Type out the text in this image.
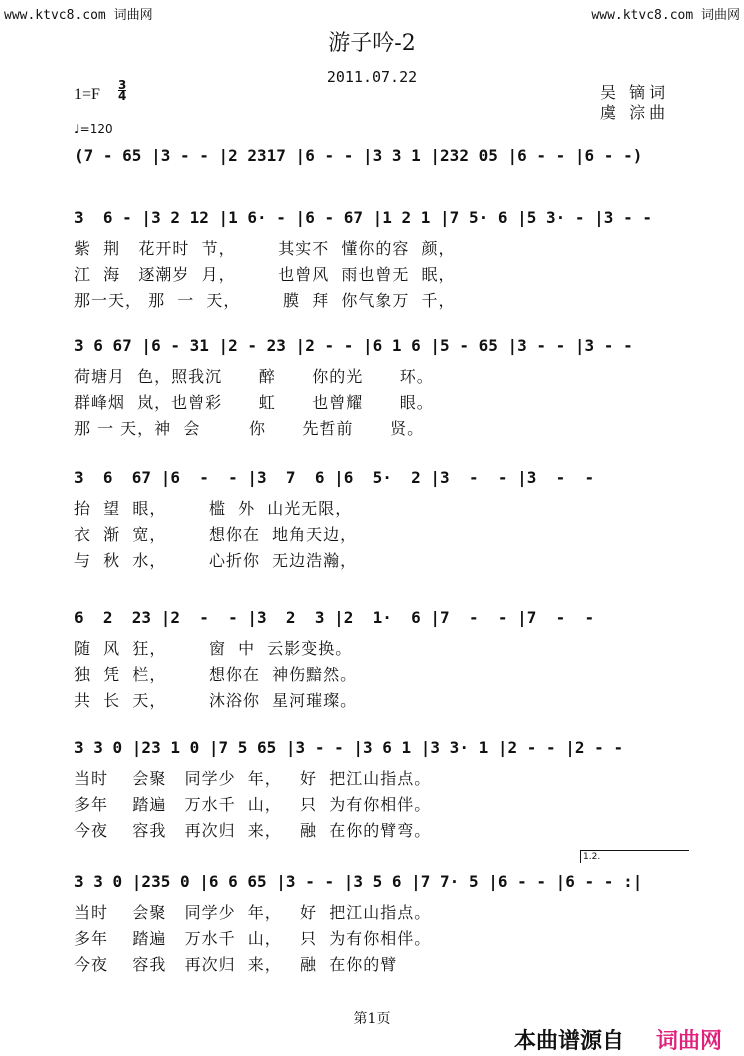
www.ktvc8.com 词曲网	www.ktvc8.com 词曲网
游子吟-2
2011.07.22
1=F
3
4	吴 镝词
虞 淙曲
♩=120
(7 - 65 |3 - - |2 2317 |6 - - |3 3 1 |232 05 |6 - - |6 - -)
3  6 - |3 2 12 |1 6· - |6 - 67 |1 2 1 |7 5· 6 |5 3· - |3 - -
紫  荆   花开时  节，       其实不  懂你的容  颜，
江  海   逐潮岁  月，       也曾风  雨也曾无  眠，
那一天， 那  一  天，       膜  拜  你气象万  千，
3 6 67 |6 - 31 |2 - 23 |2 - - |6 1 6 |5 - 65 |3 - - |3 - -
荷塘月  色，照我沉      醉      你的光      环。
群峰烟  岚，也曾彩      虹      也曾耀      眼。
那 一 天，神  会        你      先哲前      贤。
3  6  67 |6  -  - |3  7  6 |6  5·  2 |3  -  - |3  -  -
抬  望  眼，       槛  外  山光无限，
衣  渐  宽，       想你在  地角天边，
与  秋  水，       心折你  无边浩瀚，
6  2  23 |2  -  - |3  2  3 |2  1·  6 |7  -  - |7  -  -
随  风  狂，       窗  中  云影变换。
独  凭  栏，       想你在  神伤黯然。
共  长  天，       沐浴你  星河璀璨。
3 3 0 |23 1 0 |7 5 65 |3 - - |3 6 1 |3 3· 1 |2 - - |2 - -
当时    会聚   同学少  年，   好  把江山指点。
多年    踏遍   万水千  山，   只  为有你相伴。
今夜    容我   再次归  来，   融  在你的臂弯。
1.2.
3 3 0 |235 0 |6 6 65 |3 - - |3 5 6 |7 7· 5 |6 - - |6 - - :|
当时    会聚   同学少  年，   好  把江山指点。
多年    踏遍   万水千  山，   只  为有你相伴。
今夜    容我   再次归  来，   融  在你的臂
第1页
本曲谱源自 词曲网
